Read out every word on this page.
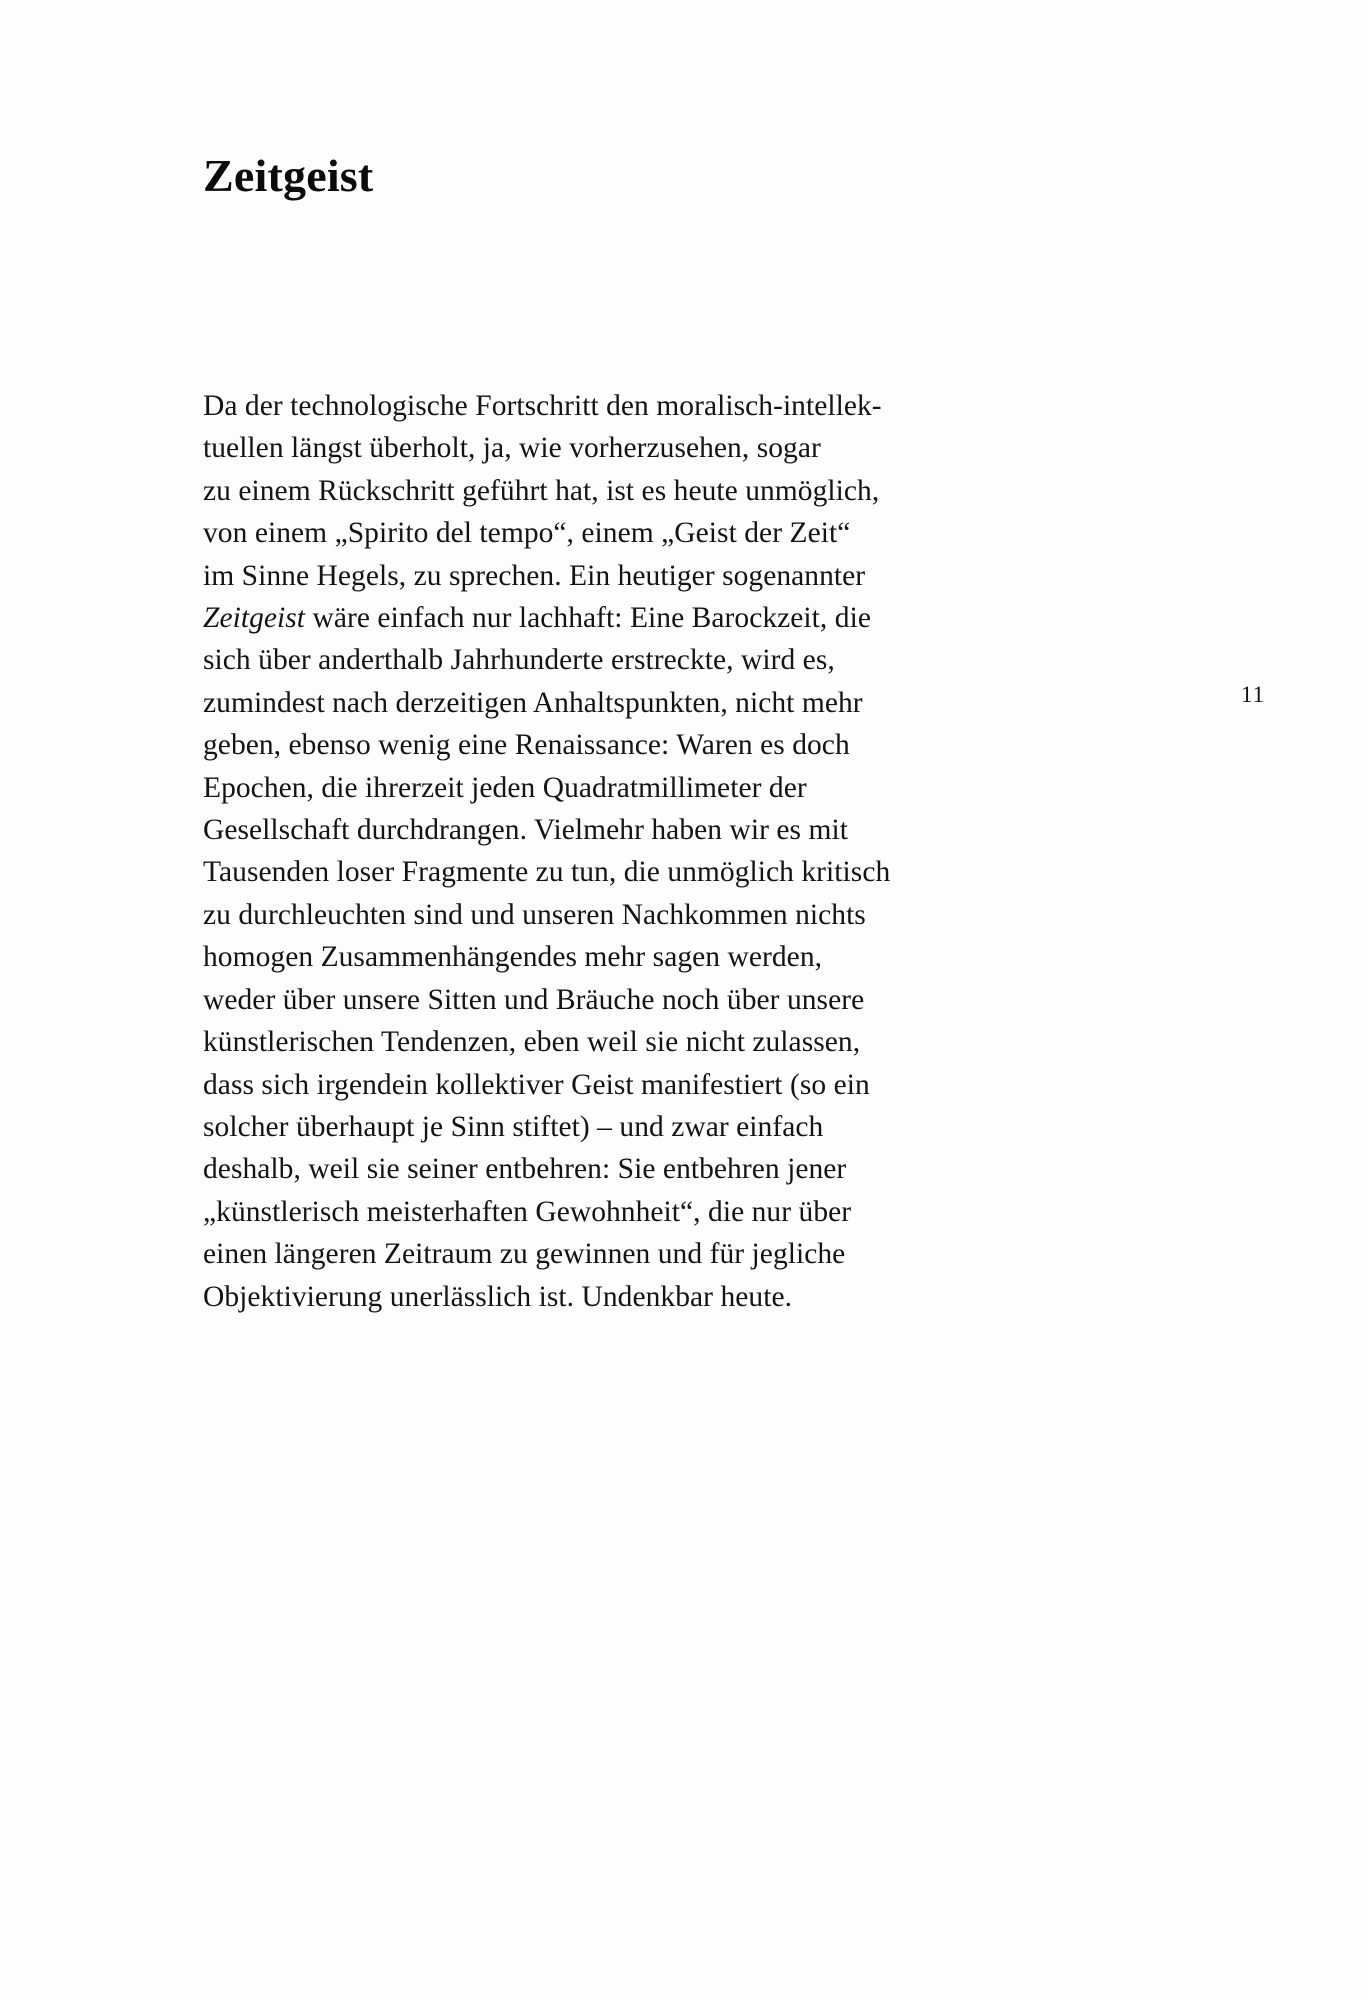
Zeitgeist
Da der technologische Fortschritt den moralisch-intellek-
tuellen längst überholt, ja, wie vorherzusehen, sogar
zu einem Rückschritt geführt hat, ist es heute unmöglich,
von einem „Spirito del tempo“, einem „Geist der Zeit“
im Sinne Hegels, zu sprechen. Ein heutiger sogenannter
Zeitgeist wäre einfach nur lachhaft: Eine Barockzeit, die
sich über anderthalb Jahrhunderte erstreckte, wird es,
zumindest nach derzeitigen Anhaltspunkten, nicht mehr
geben, ebenso wenig eine Renaissance: Waren es doch
Epochen, die ihrerzeit jeden Quadratmillimeter der
Gesellschaft durchdrangen. Vielmehr haben wir es mit
Tausenden loser Fragmente zu tun, die unmöglich kritisch
zu durchleuchten sind und unseren Nachkommen nichts
homogen Zusammenhängendes mehr sagen werden,
weder über unsere Sitten und Bräuche noch über unsere
künstlerischen Tendenzen, eben weil sie nicht zulassen,
dass sich irgendein kollektiver Geist manifestiert (so ein
solcher überhaupt je Sinn stiftet) – und zwar einfach
deshalb, weil sie seiner entbehren: Sie entbehren jener
„künstlerisch meisterhaften Gewohnheit“, die nur über
einen längeren Zeitraum zu gewinnen und für jegliche
Objektivierung unerlässlich ist. Undenkbar heute.
11
